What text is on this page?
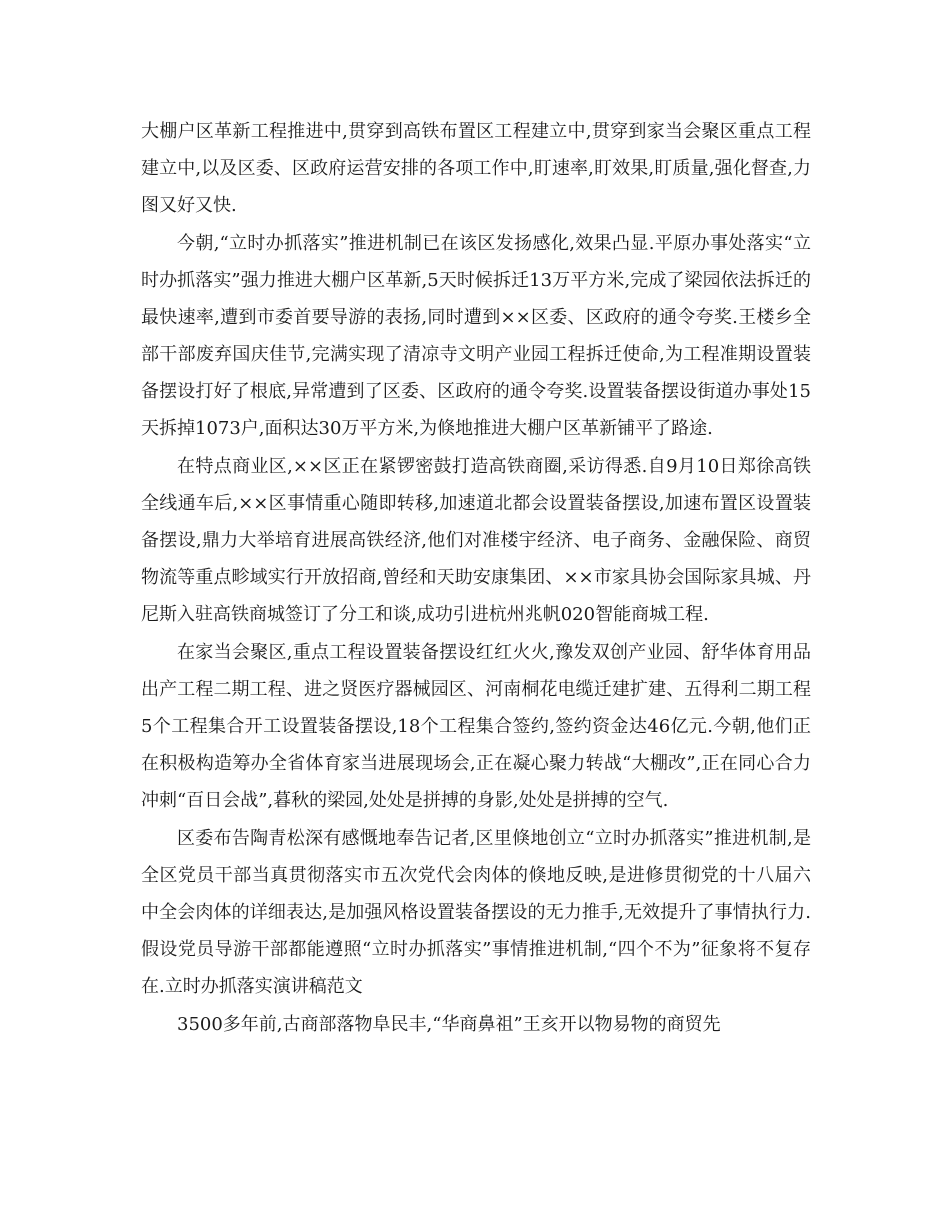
大棚户区革新工程推进中,贯穿到高铁布置区工程建立中,贯穿到家当会聚区重点工程建立中,以及区委、区政府运营安排的各项工作中,盯速率,盯效果,盯质量,强化督查,力图又好又快.

今朝,“立时办抓落实”推进机制已在该区发扬感化,效果凸显.平原办事处落实“立时办抓落实”强力推进大棚户区革新,5天时候拆迁13万平方米,完成了梁园依法拆迁的最快速率,遭到市委首要导游的表扬,同时遭到××区委、区政府的通令夸奖.王楼乡全部干部废弃国庆佳节,完满实现了清凉寺文明产业园工程拆迁使命,为工程准期设置装备摆设打好了根底,异常遭到了区委、区政府的通令夸奖.设置装备摆设街道办事处15天拆掉1073户,面积达30万平方米,为倏地推进大棚户区革新铺平了路途.

在特点商业区,××区正在紧锣密鼓打造高铁商圈,采访得悉.自9月10日郑徐高铁全线通车后,××区事情重心随即转移,加速道北都会设置装备摆设,加速布置区设置装备摆设,鼎力大举培育进展高铁经济,他们对准楼宇经济、电子商务、金融保险、商贸物流等重点畛域实行开放招商,曾经和天助安康集团、××市家具协会国际家具城、丹尼斯入驻高铁商城签订了分工和谈,成功引进杭州兆帆020智能商城工程.

在家当会聚区,重点工程设置装备摆设红红火火,豫发双创产业园、舒华体育用品出产工程二期工程、进之贤医疗器械园区、河南桐花电缆迁建扩建、五得利二期工程5个工程集合开工设置装备摆设,18个工程集合签约,签约资金达46亿元.今朝,他们正在积极构造筹办全省体育家当进展现场会,正在凝心聚力转战“大棚改”,正在同心合力冲刺“百日会战”,暮秋的梁园,处处是拼搏的身影,处处是拼搏的空气.

区委布告陶青松深有感慨地奉告记者,区里倏地创立“立时办抓落实”推进机制,是全区党员干部当真贯彻落实市五次党代会肉体的倏地反映,是进修贯彻党的十八届六中全会肉体的详细表达,是加强风格设置装备摆设的无力推手,无效提升了事情执行力.假设党员导游干部都能遵照“立时办抓落实”事情推进机制,“四个不为”征象将不复存在.立时办抓落实演讲稿范文

3500多年前,古商部落物阜民丰,“华商鼻祖”王亥开以物易物的商贸先
